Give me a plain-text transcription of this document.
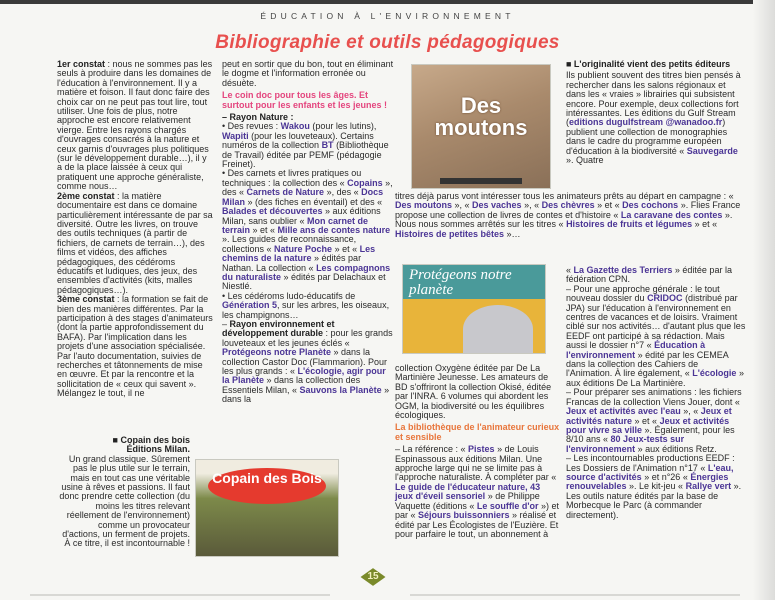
ÉDUCATION À L'ENVIRONNEMENT
Bibliographie et outils pédagogiques

1er constat : nous ne sommes pas les seuls à produire dans les domaines de l'éducation à l'environnement. Il y a matière et foison. Il faut donc faire des choix car on ne peut pas tout lire, tout utiliser. Une fois de plus, notre approche est encore relativement vierge. Entre les rayons chargés d'ouvrages consacrés à la nature et ceux garnis d'ouvrages plus politiques (sur le développement durable…), il y a de la place laissée à ceux qui pratiquent une approche généraliste, comme nous…

2ème constat : la matière documentaire est dans ce domaine particulièrement intéressante de par sa diversité. Outre les livres, on trouve des outils techniques (à partir de fichiers, de carnets de terrain…), des films et vidéos, des affiches pédagogiques, des cédéroms éducatifs et ludiques, des jeux, des ensembles d'activités (kits, malles pédagogiques…).

3ème constat : la formation se fait de bien des manières différentes. Par la participation à des stages d'animateurs (dont la partie approfondissement du BAFA). Par l'implication dans les projets d'une association spécialisée. Par l'auto documentation, suivies de recherches et tâtonnements de mise en œuvre. Et par la rencontre et la sollicitation de « ceux qui savent ». Mélangez le tout, il ne

■ Copain des bois

Éditions Milan.

Un grand classique. Sûrement pas le plus utile sur le terrain, mais en tout cas une véritable usine à rêves et passions. Il faut donc prendre cette collection (du moins les titres relevant réellement de l'environnement) comme un provocateur d'actions, un ferment de projets. À ce titre, il est incontournable !

peut en sortir que du bon, tout en éliminant le dogme et l'information erronée ou désuète.

Le coin doc pour tous les âges. Et surtout pour les enfants et les jeunes !

– Rayon Nature :

• Des revues : Wakou (pour les lutins), Wapiti (pour les louveteaux). Certains numéros de la collection BT (Bibliothèque de Travail) éditée par PEMF (pédagogie Freinet).

• Des carnets et livres pratiques ou techniques : la collection des « Copains », des « Carnets de Nature », des « Docs Milan » (des fiches en éventail) et des « Balades et découvertes » aux éditions Milan, sans oublier « Mon carnet de terrain » et « Mille ans de contes nature ». Les guides de reconnaissance, collections « Nature Poche » et « Les chemins de la nature » édités par Nathan. La collection « Les compagnons du naturaliste » édités par Delachaux et Niestlé.

• Les cédéroms ludo-éducatifs de Génération 5, sur les arbres, les oiseaux, les champignons…

– Rayon environnement et développement durable : pour les grands louveteaux et les jeunes éclés « Protégeons notre Planète » dans la collection Castor Doc (Flammarion). Pour les plus grands : « L'écologie, agir pour la Planète » dans la collection des Essentiels Milan, « Sauvons la Planète » dans la

Des moutons
Protégeons notre planète
Copain des Bois

■ L'originalité vient des petits éditeurs

Ils publient souvent des titres bien pensés à rechercher dans les salons régionaux et dans les « vraies » librairies qui subsistent encore. Pour exemple, deux collections fort intéressantes. Les éditions du Gulf Stream (editions dugulfstream @wanadoo.fr) publient une collection de monographies dans le cadre du programme européen d'éducation à la biodiversité « Sauvegarde ». Quatre

titres déjà parus vont intéresser tous les animateurs prêts au départ en campagne : « Des moutons », « Des vaches », « Des chèvres » et « Des cochons ». Flies France propose une collection de livres de contes et d'histoire « La caravane des contes ». Nous nous sommes arrêtés sur les titres « Histoires de fruits et légumes » et « Histoires de petites bêtes »…

collection Oxygène éditée par De La Martinière Jeunesse. Les amateurs de BD s'offriront la collection Okisé, éditée par l'INRA. 6 volumes qui abordent les OGM, la biodiversité ou les équilibres écologiques.

La bibliothèque de l'animateur curieux et sensible

– La référence : « Pistes » de Louis Espinassous aux éditions Milan. Une approche large qui ne se limite pas à l'approche naturaliste. À compléter par « Le guide de l'éducateur nature, 43 jeux d'éveil sensoriel » de Philippe Vaquette (éditions « Le souffle d'or ») et par « Séjours buissonniers » réalisé et édité par Les Écologistes de l'Euzière. Et pour parfaire le tout, un abonnement à

« La Gazette des Terriers » éditée par la fédération CPN.

– Pour une approche générale : le tout nouveau dossier du CRIDOC (distribué par JPA) sur l'éducation à l'environnement en centres de vacances et de loisirs. Vraiment ciblé sur nos activités… d'autant plus que les EEDF ont participé à sa rédaction. Mais aussi le dossier n°7 « Éducation à l'environnement » édité par les CEMEA dans la collection des Cahiers de l'Animation. À lire également, « L'écologie » aux éditions De La Martinière.

– Pour préparer ses animations : les fichiers Francas de la collection Viens Jouer, dont « Jeux et activités avec l'eau », « Jeux et activités nature » et « Jeux et activités pour vivre sa ville ». Également, pour les 8/10 ans « 80 Jeux-tests sur l'environnement » aux éditions Retz.

– Les incontournables productions EEDF : Les Dossiers de l'Animation n°17 « L'eau, source d'activités » et n°26 « Énergies renouvelables ». Le kit-jeu « Rallye vert ». Les outils nature édités par la base de Morbecque le Parc (à commander directement).

15
